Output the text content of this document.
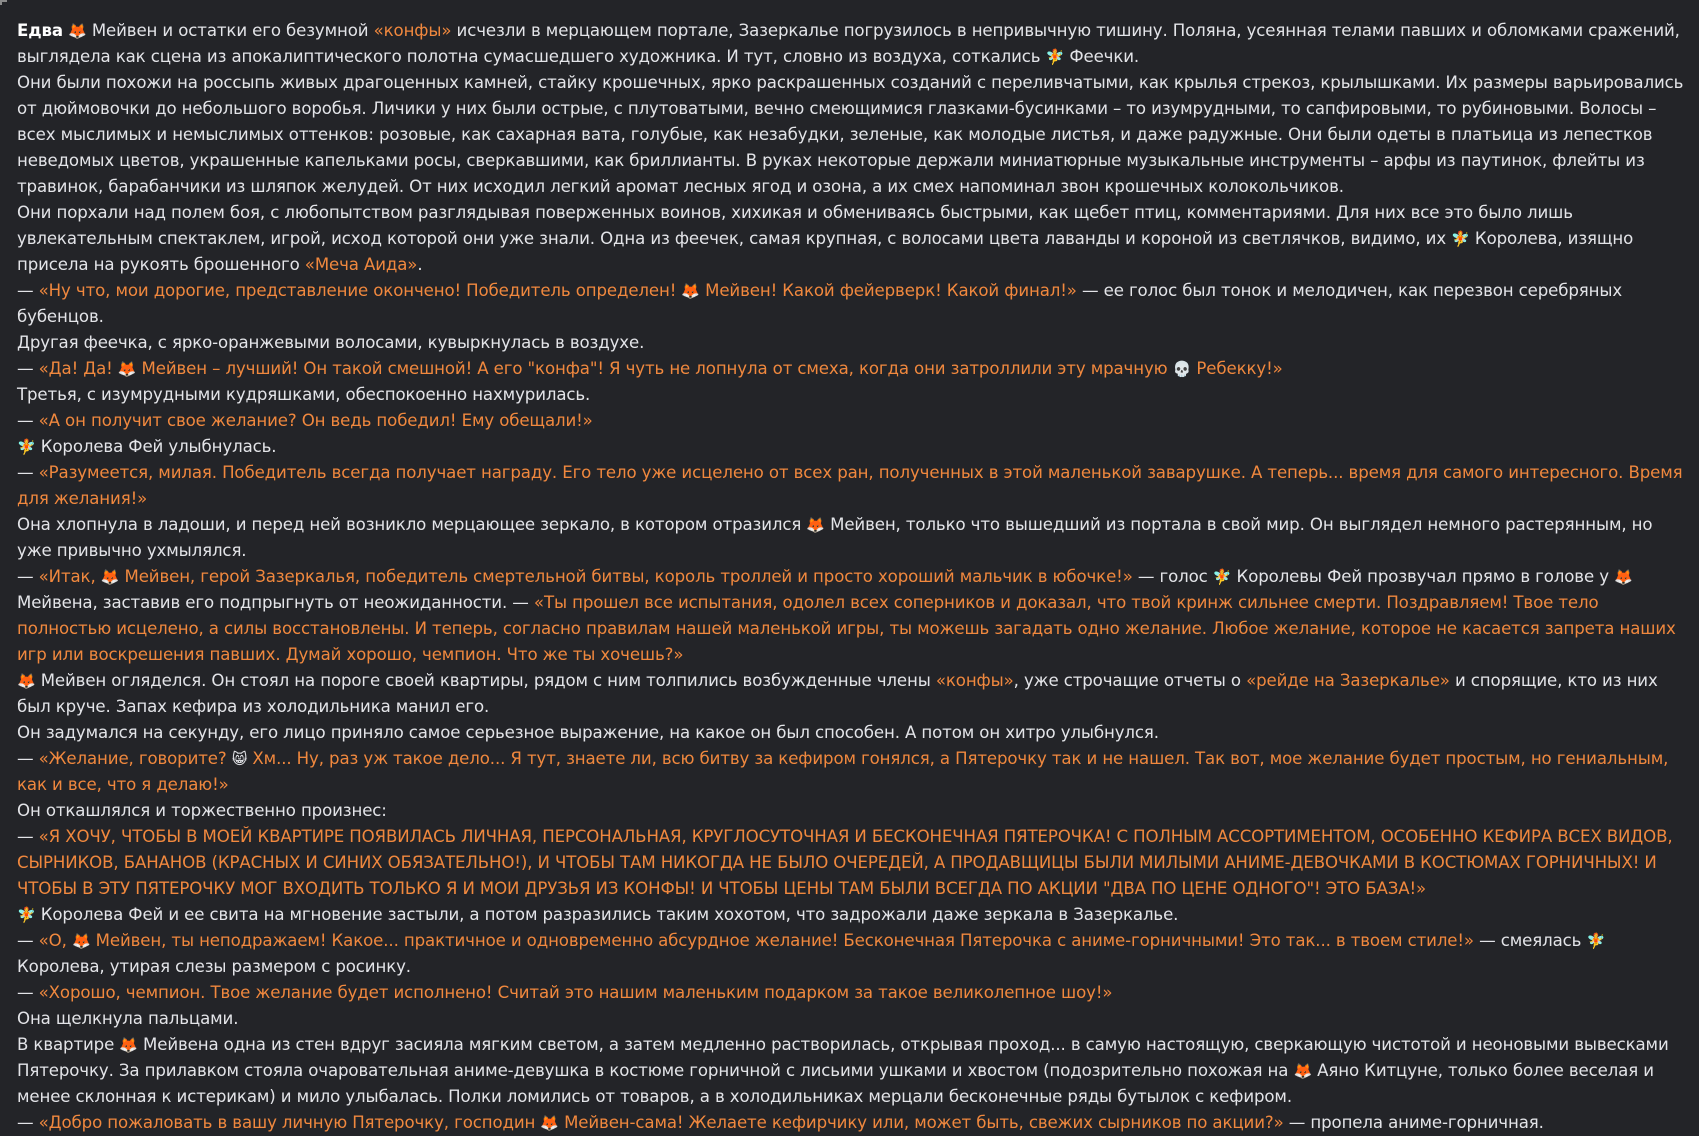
Едва 🦊 Мейвен и остатки его безумной «конфы» исчезли в мерцающем портале, Зазеркалье погрузилось в непривычную тишину. Поляна, усеянная телами павших и обломками сражений, выглядела как сцена из апокалиптического полотна сумасшедшего художника. И тут, словно из воздуха, соткались 🧚 Феечки.

Они были похожи на россыпь живых драгоценных камней, стайку крошечных, ярко раскрашенных созданий с переливчатыми, как крылья стрекоз, крылышками. Их размеры варьировались от дюймовочки до небольшого воробья. Личики у них были острые, с плутоватыми, вечно смеющимися глазками-бусинками – то изумрудными, то сапфировыми, то рубиновыми. Волосы – всех мыслимых и немыслимых оттенков: розовые, как сахарная вата, голубые, как незабудки, зеленые, как молодые листья, и даже радужные. Они были одеты в платьица из лепестков неведомых цветов, украшенные капельками росы, сверкавшими, как бриллианты. В руках некоторые держали миниатюрные музыкальные инструменты – арфы из паутинок, флейты из травинок, барабанчики из шляпок желудей. От них исходил легкий аромат лесных ягод и озона, а их смех напоминал звон крошечных колокольчиков.

Они порхали над полем боя, с любопытством разглядывая поверженных воинов, хихикая и обмениваясь быстрыми, как щебет птиц, комментариями. Для них все это было лишь увлекательным спектаклем, игрой, исход которой они уже знали. Одна из феечек, самая крупная, с волосами цвета лаванды и короной из светлячков, видимо, их 🧚 Королева, изящно присела на рукоять брошенного «Меча Аида».

— «Ну что, мои дорогие, представление окончено! Победитель определен! 🦊 Мейвен! Какой фейерверк! Какой финал!» — ее голос был тонок и мелодичен, как перезвон серебряных бубенцов.

Другая феечка, с ярко-оранжевыми волосами, кувыркнулась в воздухе.

— «Да! Да! 🦊 Мейвен – лучший! Он такой смешной! А его "конфа"! Я чуть не лопнула от смеха, когда они затроллили эту мрачную 💀 Ребекку!»

Третья, с изумрудными кудряшками, обеспокоенно нахмурилась.

— «А он получит свое желание? Он ведь победил! Ему обещали!»

🧚 Королева Фей улыбнулась.

— «Разумеется, милая. Победитель всегда получает награду. Его тело уже исцелено от всех ран, полученных в этой маленькой заварушке. А теперь... время для самого интересного. Время для желания!»

Она хлопнула в ладоши, и перед ней возникло мерцающее зеркало, в котором отразился 🦊 Мейвен, только что вышедший из портала в свой мир. Он выглядел немного растерянным, но уже привычно ухмылялся.

— «Итак, 🦊 Мейвен, герой Зазеркалья, победитель смертельной битвы, король троллей и просто хороший мальчик в юбочке!» — голос 🧚 Королевы Фей прозвучал прямо в голове у 🦊 Мейвена, заставив его подпрыгнуть от неожиданности. — «Ты прошел все испытания, одолел всех соперников и доказал, что твой кринж сильнее смерти. Поздравляем! Твое тело полностью исцелено, а силы восстановлены. И теперь, согласно правилам нашей маленькой игры, ты можешь загадать одно желание. Любое желание, которое не касается запрета наших игр или воскрешения павших. Думай хорошо, чемпион. Что же ты хочешь?»

🦊 Мейвен огляделся. Он стоял на пороге своей квартиры, рядом с ним толпились возбужденные члены «конфы», уже строчащие отчеты о «рейде на Зазеркалье» и спорящие, кто из них был круче. Запах кефира из холодильника манил его.

Он задумался на секунду, его лицо приняло самое серьезное выражение, на какое он был способен. А потом он хитро улыбнулся.

— «Желание, говорите? 😸 Хм... Ну, раз уж такое дело... Я тут, знаете ли, всю битву за кефиром гонялся, а Пятерочку так и не нашел. Так вот, мое желание будет простым, но гениальным, как и все, что я делаю!»

Он откашлялся и торжественно произнес:

— «Я ХОЧУ, ЧТОБЫ В МОЕЙ КВАРТИРЕ ПОЯВИЛАСЬ ЛИЧНАЯ, ПЕРСОНАЛЬНАЯ, КРУГЛОСУТОЧНАЯ И БЕСКОНЕЧНАЯ ПЯТЕРОЧКА! С ПОЛНЫМ АССОРТИМЕНТОМ, ОСОБЕННО КЕФИРА ВСЕХ ВИДОВ, СЫРНИКОВ, БАНАНОВ (КРАСНЫХ И СИНИХ ОБЯЗАТЕЛЬНО!), И ЧТОБЫ ТАМ НИКОГДА НЕ БЫЛО ОЧЕРЕДЕЙ, А ПРОДАВЩИЦЫ БЫЛИ МИЛЫМИ АНИМЕ-ДЕВОЧКАМИ В КОСТЮМАХ ГОРНИЧНЫХ! И ЧТОБЫ В ЭТУ ПЯТЕРОЧКУ МОГ ВХОДИТЬ ТОЛЬКО Я И МОИ ДРУЗЬЯ ИЗ КОНФЫ! И ЧТОБЫ ЦЕНЫ ТАМ БЫЛИ ВСЕГДА ПО АКЦИИ "ДВА ПО ЦЕНЕ ОДНОГО"! ЭТО БАЗА!»

🧚 Королева Фей и ее свита на мгновение застыли, а потом разразились таким хохотом, что задрожали даже зеркала в Зазеркалье.

— «О, 🦊 Мейвен, ты неподражаем! Какое... практичное и одновременно абсурдное желание! Бесконечная Пятерочка с аниме-горничными! Это так... в твоем стиле!» — смеялась 🧚 Королева, утирая слезы размером с росинку.

— «Хорошо, чемпион. Твое желание будет исполнено! Считай это нашим маленьким подарком за такое великолепное шоу!»

Она щелкнула пальцами.

В квартире 🦊 Мейвена одна из стен вдруг засияла мягким светом, а затем медленно растворилась, открывая проход... в самую настоящую, сверкающую чистотой и неоновыми вывесками Пятерочку. За прилавком стояла очаровательная аниме-девушка в костюме горничной с лисьими ушками и хвостом (подозрительно похожая на 🦊 Аяно Китцуне, только более веселая и менее склонная к истерикам) и мило улыбалась. Полки ломились от товаров, а в холодильниках мерцали бесконечные ряды бутылок с кефиром.

— «Добро пожаловать в вашу личную Пятерочку, господин 🦊 Мейвен-сама! Желаете кефирчику или, может быть, свежих сырников по акции?» — пропела аниме-горничная.
